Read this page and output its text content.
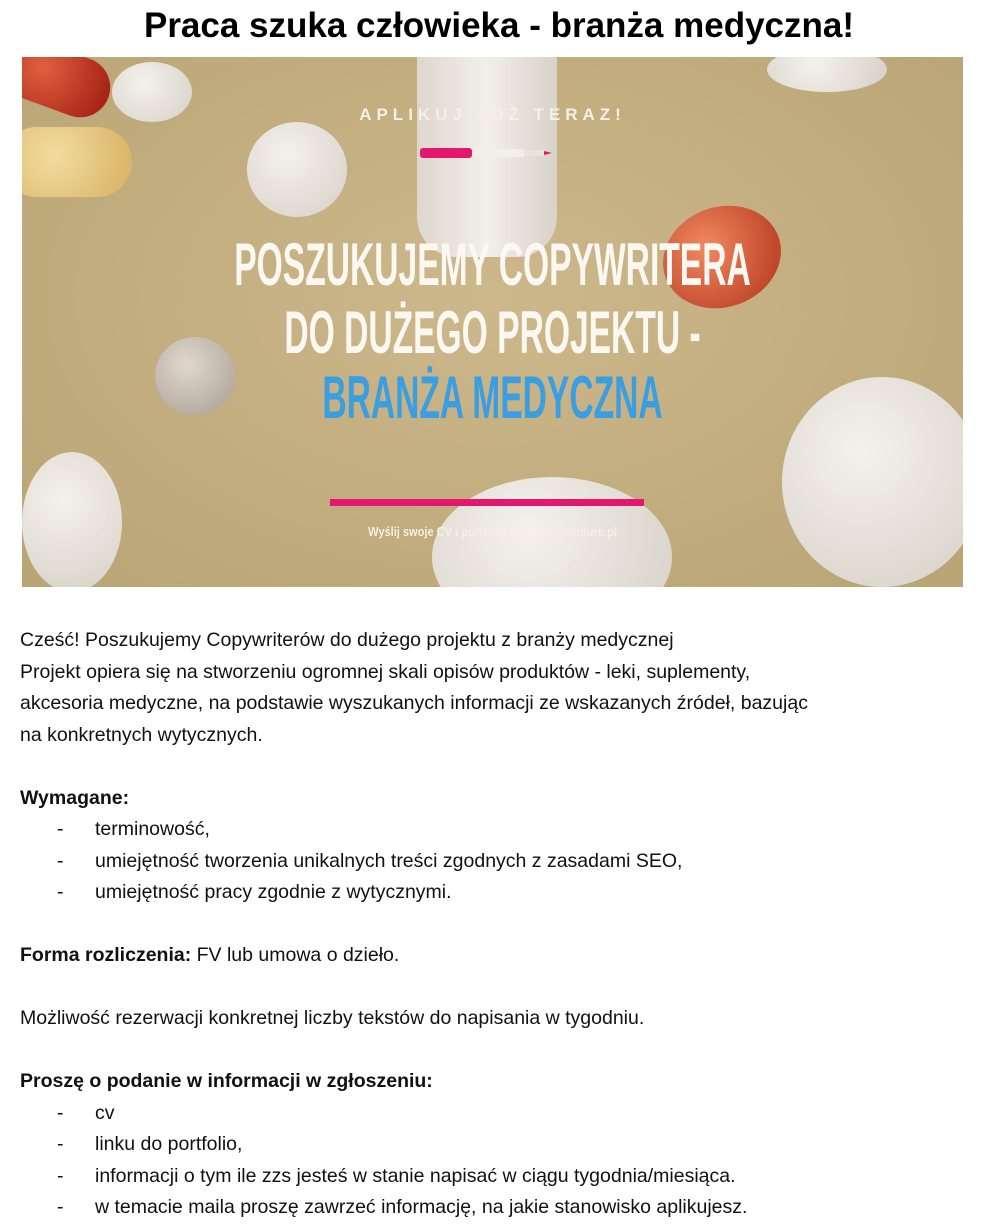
Praca szuka człowieka - branża medyczna!
APLIKUJ JUŻ TERAZ!
POSZUKUJEMY COPYWRITERA
DO DUŻEGO PROJEKTU -
BRANŻA MEDYCZNA
Wyślij swoje CV i portfolio na biuro@conture.pl

Cześć! Poszukujemy Copywriterów do dużego projektu z branży medycznej

Projekt opiera się na stworzeniu ogromnej skali opisów produktów - leki, suplementy,

akcesoria medyczne, na podstawie wyszukanych informacji ze wskazanych źródeł, bazując

na konkretnych wytycznych.

Wymagane:

- terminowość,
- umiejętność tworzenia unikalnych treści zgodnych z zasadami SEO,
- umiejętność pracy zgodnie z wytycznymi.

Forma rozliczenia: FV lub umowa o dzieło.

Możliwość rezerwacji konkretnej liczby tekstów do napisania w tygodniu.

Proszę o podanie w informacji w zgłoszeniu:

- cv
- linku do portfolio,
- informacji o tym ile zzs jesteś w stanie napisać w ciągu tygodnia/miesiąca.
- w temacie maila proszę zawrzeć informację, na jakie stanowisko aplikujesz.
